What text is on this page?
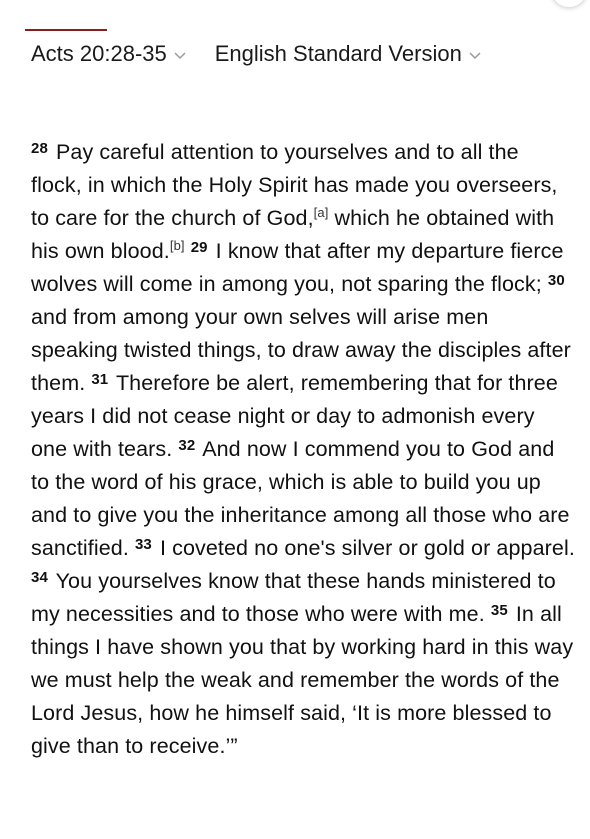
Acts 20:28-35 English Standard Version
$^{28}$ Pay careful attention to yourselves and to all the flock, in which the Holy Spirit has made you overseers, to care for the church of God,[a] which he obtained with his own blood.[b] $^{29}$ I know that after my departure fierce wolves will come in among you, not sparing the flock; $^{30}$ and from among your own selves will arise men speaking twisted things, to draw away the disciples after them. $^{31}$ Therefore be alert, remembering that for three years I did not cease night or day to admonish every one with tears. $^{32}$ And now I commend you to God and to the word of his grace, which is able to build you up and to give you the inheritance among all those who are sanctified. $^{33}$ I coveted no one's silver or gold or apparel. $^{34}$ You yourselves know that these hands ministered to my necessities and to those who were with me. $^{35}$ In all things I have shown you that by working hard in this way we must help the weak and remember the words of the Lord Jesus, how he himself said, ‘It is more blessed to give than to receive.’”
